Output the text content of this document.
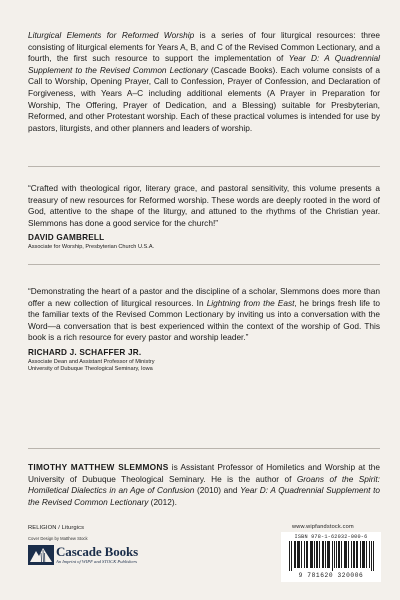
Liturgical Elements for Reformed Worship is a series of four liturgical resources: three consisting of liturgical elements for Years A, B, and C of the Revised Common Lectionary, and a fourth, the first such resource to support the implementation of Year D: A Quadrennial Supplement to the Revised Common Lectionary (Cascade Books). Each volume consists of a Call to Worship, Opening Prayer, Call to Confession, Prayer of Confession, and Declaration of Forgiveness, with Years A–C including additional elements (A Prayer in Preparation for Worship, The Offering, Prayer of Dedication, and a Blessing) suitable for Presbyterian, Reformed, and other Protestant worship. Each of these practical volumes is intended for use by pastors, liturgists, and other planners and leaders of worship.

“Crafted with theological rigor, literary grace, and pastoral sensitivity, this volume presents a treasury of new resources for Reformed worship. These words are deeply rooted in the word of God, attentive to the shape of the liturgy, and attuned to the rhythms of the Christian year. Slemmons has done a good service for the church!”

DAVID GAMBRELL
Associate for Worship, Presbyterian Church U.S.A.

“Demonstrating the heart of a pastor and the discipline of a scholar, Slemmons does more than offer a new collection of liturgical resources. In Lightning from the East, he brings fresh life to the familiar texts of the Revised Common Lectionary by inviting us into a conversation with the Word—a conversation that is best experienced within the context of the worship of God. This book is a rich resource for every pastor and worship leader.”

RICHARD J. SCHAFFER JR.
Associate Dean and Assistant Professor of Ministry
University of Dubuque Theological Seminary, Iowa

TIMOTHY MATTHEW SLEMMONS is Assistant Professor of Homiletics and Worship at the University of Dubuque Theological Seminary. He is the author of Groans of the Spirit: Homiletical Dialectics in an Age of Confusion (2010) and Year D: A Quadrennial Supplement to the Revised Common Lectionary (2012).

RELIGION / Liturgics
Cover Design by Matthew Stock
Cascade Books
An Imprint of WIPF and STOCK Publishers
www.wipfandstock.com
ISBN 978-1-62032-000-6
9 781620 320006
